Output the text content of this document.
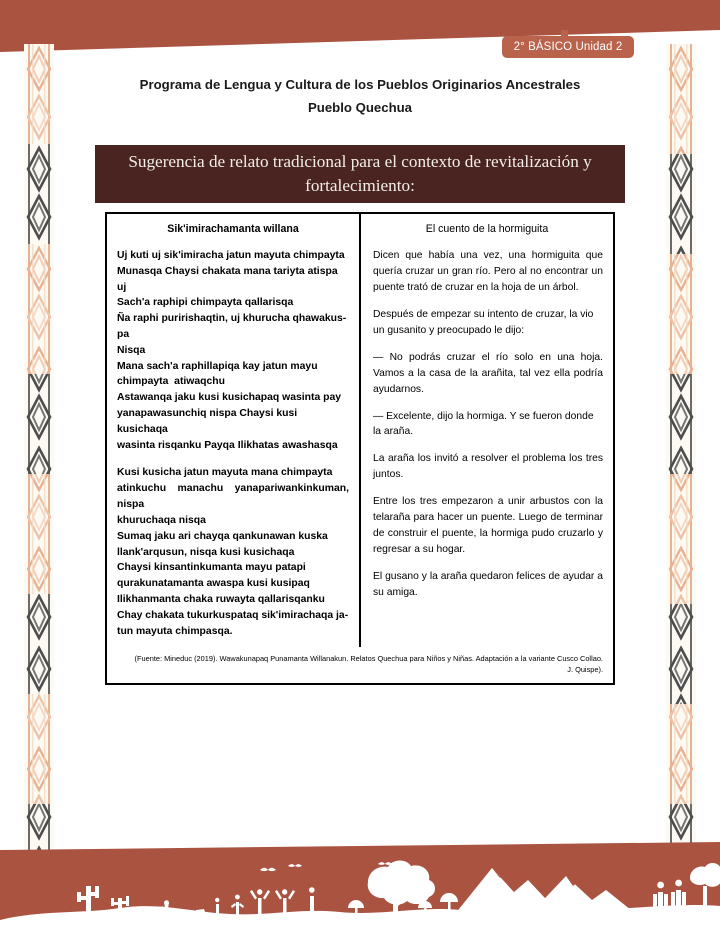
2° BÁSICO Unidad 2
Programa de Lengua y Cultura de los Pueblos Originarios Ancestrales
Pueblo Quechua
Sugerencia de relato tradicional para el contexto de revitalización y fortalecimiento:
Sik'imirachamanta willana
Uj kuti uj sik'imiracha jatun mayuta chimpayta
Munasqa Chaysi chakata mana tariyta atispa uj
Sach'a raphipi chimpayta qallarisqa
Ña raphi puririshaqtin, uj khurucha qhawakus-
pa
Nisqa
Mana sach'a raphillapiqa kay jatun mayu
chimpayta  atiwaqchu
Astawanqa jaku kusi kusichapaq wasinta pay
yanapawasunchiq nispa Chaysi kusi kusichaqa
wasinta risqanku Payqa Ilikhatas awashasqa
Kusi kusicha jatun mayuta mana chimpayta
atinkuchu manachu yanapariwankinkuman,
nispa
khuruchaqa nisqa
Sumaq jaku ari chayqa qankunawan kuska
llank'arqusun, nisqa kusi kusichaqa
Chaysi kinsantinkumanta mayu patapi
qurakunatamanta awaspa kusi kusipaq
Ilikhanmanta chaka ruwayta qallarisqanku
Chay chakata tukurkuspataq sik'imirachaqa ja-
tun mayuta chimpasqa.
El cuento de la hormiguita

Dicen que había una vez, una hormiguita que quería cruzar un gran río. Pero al no encontrar un puente trató de cruzar en la hoja de un árbol.

Después de empezar su intento de cruzar, la vio un gusanito y preocupado le dijo:

— No podrás cruzar el río solo en una hoja. Vamos a la casa de la arañita, tal vez ella podría ayudarnos.

— Excelente, dijo la hormiga. Y se fueron donde la araña.

La araña los invitó a resolver el problema los tres juntos.

Entre los tres empezaron a unir arbustos con la telaraña para hacer un puente. Luego de terminar de construir el puente, la hormiga pudo cruzarlo y regresar a su hogar.

El gusano y la araña quedaron felices de ayudar a su amiga.

(Fuente: Mineduc (2019). Wawakunapaq Punamanta Willanakun. Relatos Quechua para Niños y Niñas. Adaptación a la variante Cusco Collao. J. Quispe).
